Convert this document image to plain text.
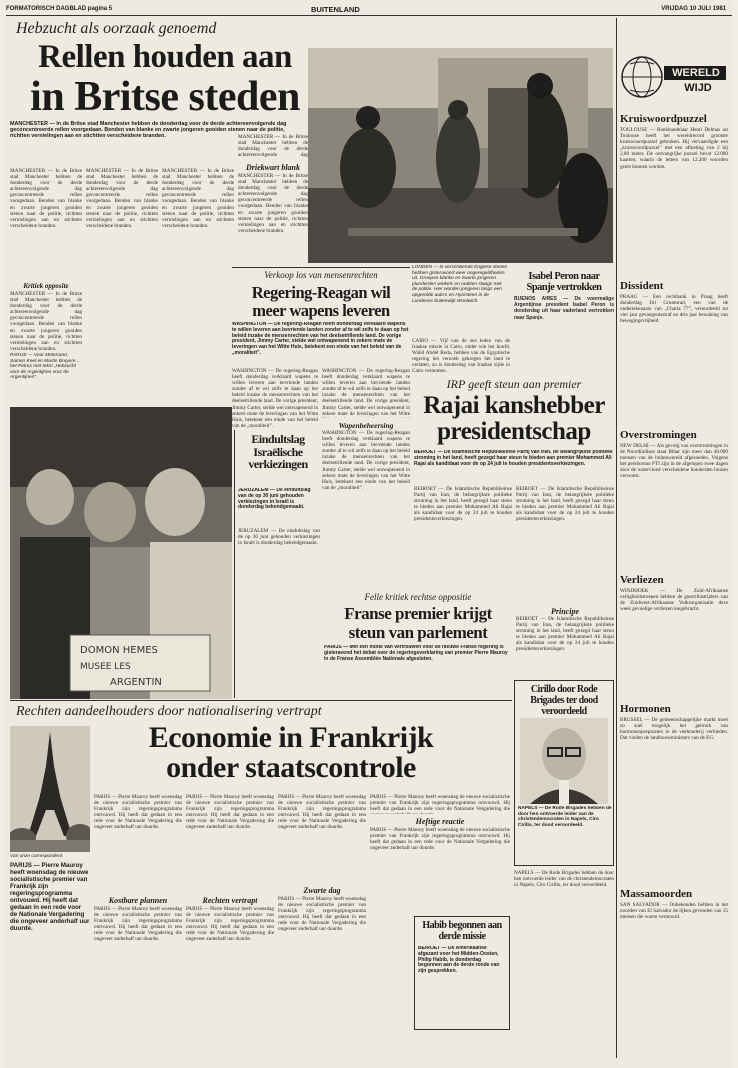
FORMATORISCH DAGBLAD pagina 5	BUITENLAND	VRIJDAG 10 JULI 1981
Hebzucht als oorzaak genoemd
Rellen houden aan
in Britse steden
MANCHESTER — In de Britse stad Manchester hebben de donderdag voor de derde achtereenvolgende dag geconcentreerde rellen voorgedaan. Benden van blanke en zwarte jongeren gooiden stenen naar de politie, richtten vernielingen aan en stichtten verscheidene branden.
MANCHESTER — In de Britse stad Manchester hebben de donderdag voor de derde achtereenvolgende dag geconcentreerde rellen voorgedaan. Benden van blanke en zwarte jongeren gooiden stenen naar de politie, richtten vernielingen aan en stichtten verscheidene branden.
Kritiek opposite
MANCHESTER — In de Britse stad Manchester hebben de donderdag voor de derde achtereenvolgende dag geconcentreerde rellen voorgedaan. Benden van blanke en zwarte jongeren gooiden stenen naar de politie, richtten vernielingen aan en stichtten verscheidene branden.
PARIJS — Voor Mitterrand, Samen Keel en Martin Bruyere ... het Petrus met tekst „Hebzucht voor de Argentijnen voor de Argentijnen”.
MANCHESTER — In de Britse stad Manchester hebben de donderdag voor de derde achtereenvolgende dag geconcentreerde rellen voorgedaan. Benden van blanke en zwarte jongeren gooiden stenen naar de politie, richtten vernielingen aan en stichtten verscheidene branden.
MANCHESTER — In de Britse stad Manchester hebben de donderdag voor de derde achtereenvolgende dag geconcentreerde rellen voorgedaan. Benden van blanke en zwarte jongeren gooiden stenen naar de politie, richtten vernielingen aan en stichtten verscheidene branden.
MANCHESTER — In de Britse stad Manchester hebben de donderdag voor de derde achtereenvolgende dag
Driekwart blank
MANCHESTER — In de Britse stad Manchester hebben de donderdag voor de derde achtereenvolgende dag geconcentreerde rellen voorgedaan. Benden van blanke en zwarte jongeren gooiden stenen naar de politie, richtten vernielingen aan en stichtten verscheidene branden.
LONDEN — In verschillende Engelse steden hebben gisteravond weer ongeregeldheden uit. Groepen blanke en zwarte jongeren plunderden winkels en raakten slaags met de politie. Hier worden jongeren langs een opgerolde auto's en Hyarsteen in de Londense buitenwijk Woolwich.
Isabel Peron naar Spanje vertrokken
BUENOS AIRES — De voormalige Argentijnse president Isabel Peron is donderdag uit haar vaderland vertrokken naar Spanje.
CAIRO — Vijf van de zes leden van de Iraakse missie in Cairo, onder wie het hoofd, Walid Abdel Reda, hebben van de Egyptische regering het verzoek gekregen het land te verlaten, zo is donderdag van Iraakse zijde in Cairo vernomen.
Verkoop los van mensenrechten
Regering-Reagan wil
meer wapens leveren
WASHINGTON — De regering-Reagan heeft donderdag verklaard wapens te willen leveren aan bevriende landen zonder af te wil zelfs te daan op het beleid inzake de mensenrechten van het deelsetrillende land. De vorige president, Jimmy Carter, stelde wel ontwapenend in zekere mate de leveringen van het Witte Huis, betekent een einde van het beleid van de „moraliteit”.
WASHINGTON — De regering-Reagan heeft donderdag verklaard wapens te willen leveren aan bevriende landen zonder af te wil zelfs te daan op het beleid inzake de mensenrechten van het deelsetrillende land. De vorige president, Jimmy Carter, stelde wel ontwapenend in zekere mate de leveringen van het Witte Huis, betekent een einde van het beleid van de „moraliteit”.
WASHINGTON — De regering-Reagan heeft donderdag verklaard wapens te willen leveren aan bevriende landen zonder af te wil zelfs te daan op het beleid inzake de mensenrechten van het deelsetrillende land. De vorige president, Jimmy Carter, stelde wel ontwapenend in zekere mate de leveringen van het Witte
Wapenbeheersing
WASHINGTON — De regering-Reagan heeft donderdag verklaard wapens te willen leveren aan bevriende landen zonder af te wil zelfs te daan op het beleid inzake de mensenrechten van het deelsetrillende land. De vorige president, Jimmy Carter, stelde wel ontwapenend in zekere mate de leveringen van het Witte Huis, betekent een einde van het beleid van de „moraliteit”.
DOMON HEMES
MUSEE LES
ARGENTIN
Eindultslag Israëlische verkiezingen
JERUZALEM — De eindultslag van de op 30 juni gehouden verkiezingen in Israël is donderdag bekendgemaakt.
JERUZALEM — De eindultslag van de op 30 juni gehouden verkiezingen in Israël is donderdag bekendgemaakt.
IRP geeft steun aan premier
Rajai kanshebber
presidentschap
BEIROET — De Islamitische Republikeinse Partij van Iran, de belangrijkste politieke stroming in het land, heeft gezegd haar steun te bieden aan premier Mohammed Ali Rajai als kandidaat voor de op 24 juli te houden presidentsverkiezingen.
BEIROET — De Islamitische Republikeinse Partij van Iran, de belangrijkste politieke stroming in het land, heeft gezegd haar steun te bieden aan premier Mohammed Ali Rajai als kandidaat voor de op 24 juli te houden presidentsverkiezingen.
BEIROET — De Islamitische Republikeinse Partij van Iran, de belangrijkste politieke stroming in het land, heeft gezegd haar steun te bieden aan premier Mohammed Ali Rajai als kandidaat voor de op 24 juli te houden presidentsverkiezingen.
Principe
BEIROET — De Islamitische Republikeinse Partij van Iran, de belangrijkste politieke stroming in het land, heeft gezegd haar steun te bieden aan premier Mohammed Ali Rajai als kandidaat voor de op 24 juli te houden presidentsverkiezingen.
Felle kritiek rechtse oppositie
Franse premier krijgt
steun van parlement
PARIJS — Met een motie van vertrouwen voor de nieuwe Franse regering is gisteravond het debat over de regeringsverklaring van premier Pierre Mauroy in de Franse Assemblée Nationale afgesloten.
Cirillo door Rode Brigades ter dood veroordeeld
NAPELS — De Rode Brigades hebben de door hen ontvoerde leider van de christendemocraten in Napels, Ciro Cirillo, ter dood veroordeeld.
Rechten aandeelhouders door nationalisering vertrapt
Economie in Frankrijk
onder staatscontrole
Van onze correspondent
PARIJS — Pierre Mauroy heeft woensdag de nieuwe socialistische premier van Frankrijk zijn regeringsprogramma ontvouwd. Hij heeft dat gedaan in een rede voor de Nationale Vergadering die ongeveer anderhalf uur duurde.
PARIJS — Pierre Mauroy heeft woensdag de nieuwe socialistische premier van Frankrijk zijn regeringsprogramma ontvouwd. Hij heeft dat gedaan in een rede voor de Nationale Vergadering die ongeveer anderhalf uur duurde.
Kostbare plannen
PARIJS — Pierre Mauroy heeft woensdag de nieuwe socialistische premier van Frankrijk zijn regeringsprogramma ontvouwd. Hij heeft dat gedaan in een rede voor de Nationale Vergadering die ongeveer anderhalf uur duurde.
PARIJS — Pierre Mauroy heeft woensdag de nieuwe socialistische premier van Frankrijk zijn regeringsprogramma ontvouwd. Hij heeft dat gedaan in een rede voor de Nationale Vergadering die ongeveer anderhalf uur duurde.
Rechten vertrapt
PARIJS — Pierre Mauroy heeft woensdag de nieuwe socialistische premier van Frankrijk zijn regeringsprogramma ontvouwd. Hij heeft dat gedaan in een rede voor de Nationale Vergadering die ongeveer anderhalf uur duurde.
PARIJS — Pierre Mauroy heeft woensdag de nieuwe socialistische premier van Frankrijk zijn regeringsprogramma ontvouwd. Hij heeft dat gedaan in een rede voor de Nationale Vergadering die ongeveer anderhalf uur duurde.
Zwarte dag
PARIJS — Pierre Mauroy heeft woensdag de nieuwe socialistische premier van Frankrijk zijn regeringsprogramma ontvouwd. Hij heeft dat gedaan in een rede voor de Nationale Vergadering die ongeveer anderhalf uur duurde.
PARIJS — Pierre Mauroy heeft woensdag de nieuwe socialistische premier van Frankrijk zijn regeringsprogramma ontvouwd. Hij heeft dat gedaan in een rede voor de Nationale Vergadering die
Heftige reactie
PARIJS — Pierre Mauroy heeft woensdag de nieuwe socialistische premier van Frankrijk zijn regeringsprogramma ontvouwd. Hij heeft dat gedaan in een rede voor de Nationale Vergadering die ongeveer anderhalf uur duurde.
Habib begonnen aan derde missie
BEIROET — De Amerikaanse afgezant voor het Midden-Oosten, Philip Habib, is donderdag begonnen aan de derde ronde van zijn gesprekken.
NAPELS — De Rode Brigades hebben de door hen ontvoerde leider van de christendemocraten in Napels, Ciro Cirillo, ter dood veroordeeld.
WERELD
WIJD
Kruiswoordpuzzel
TOULOUSE — Boekhandelaar Henri Delmas uit Toulouse heeft het wereldrecord grootste kruiswoordpuzzel gebroken. Hij vervaardigde een „kruiswoordpuzzel” met een afmeting van 2 bij 2,80 meter. De omvangrijke puzzel bevat 12.000 kaarten, waarin de letters van 12.200 woorden gezet kunnen worden.
Dissident
PRAAG — Een rechtbank in Praag heeft donderdag Jiri Gruntorad, een van de ondertekenaars van „Charta 77”, veroordeeld tot vier jaar gevangenisstraf en drie jaar bewaking van bewegingsvrijheid.
Overstromingen
NEW DELHI — Als gevolg van overstromingen in de Noordindiase staat Bihar zijn meer dan 40.000 mensen van de buitenwereld afgesneden. Volgens het persbureau PTI zijn in de afgelopen twee dagen door de watervloed verscheidene honderden huizen verwoest.
Verliezen
WINDHOEK — De Zuid-Afrikaanse veiligheidstroepen hebben de guerrillastrijders van de Zuidwest-Afrikaanse Volksorganisatie deze week gevoelige verliezen toegebracht.
Hormonen
BRUSSEL — De gemeenschappelijke markt moet zo snel mogelijk het gebruik van hormonenpreparaten in de veehouderij verbieden. Dat vinden de landbouwministers van de EG.
Massamoorden
SAN SALVADOR — Onbekenden hebben in het noorden van El Salvador de lijken gevonden van 15 mensen die waren vermoord.
